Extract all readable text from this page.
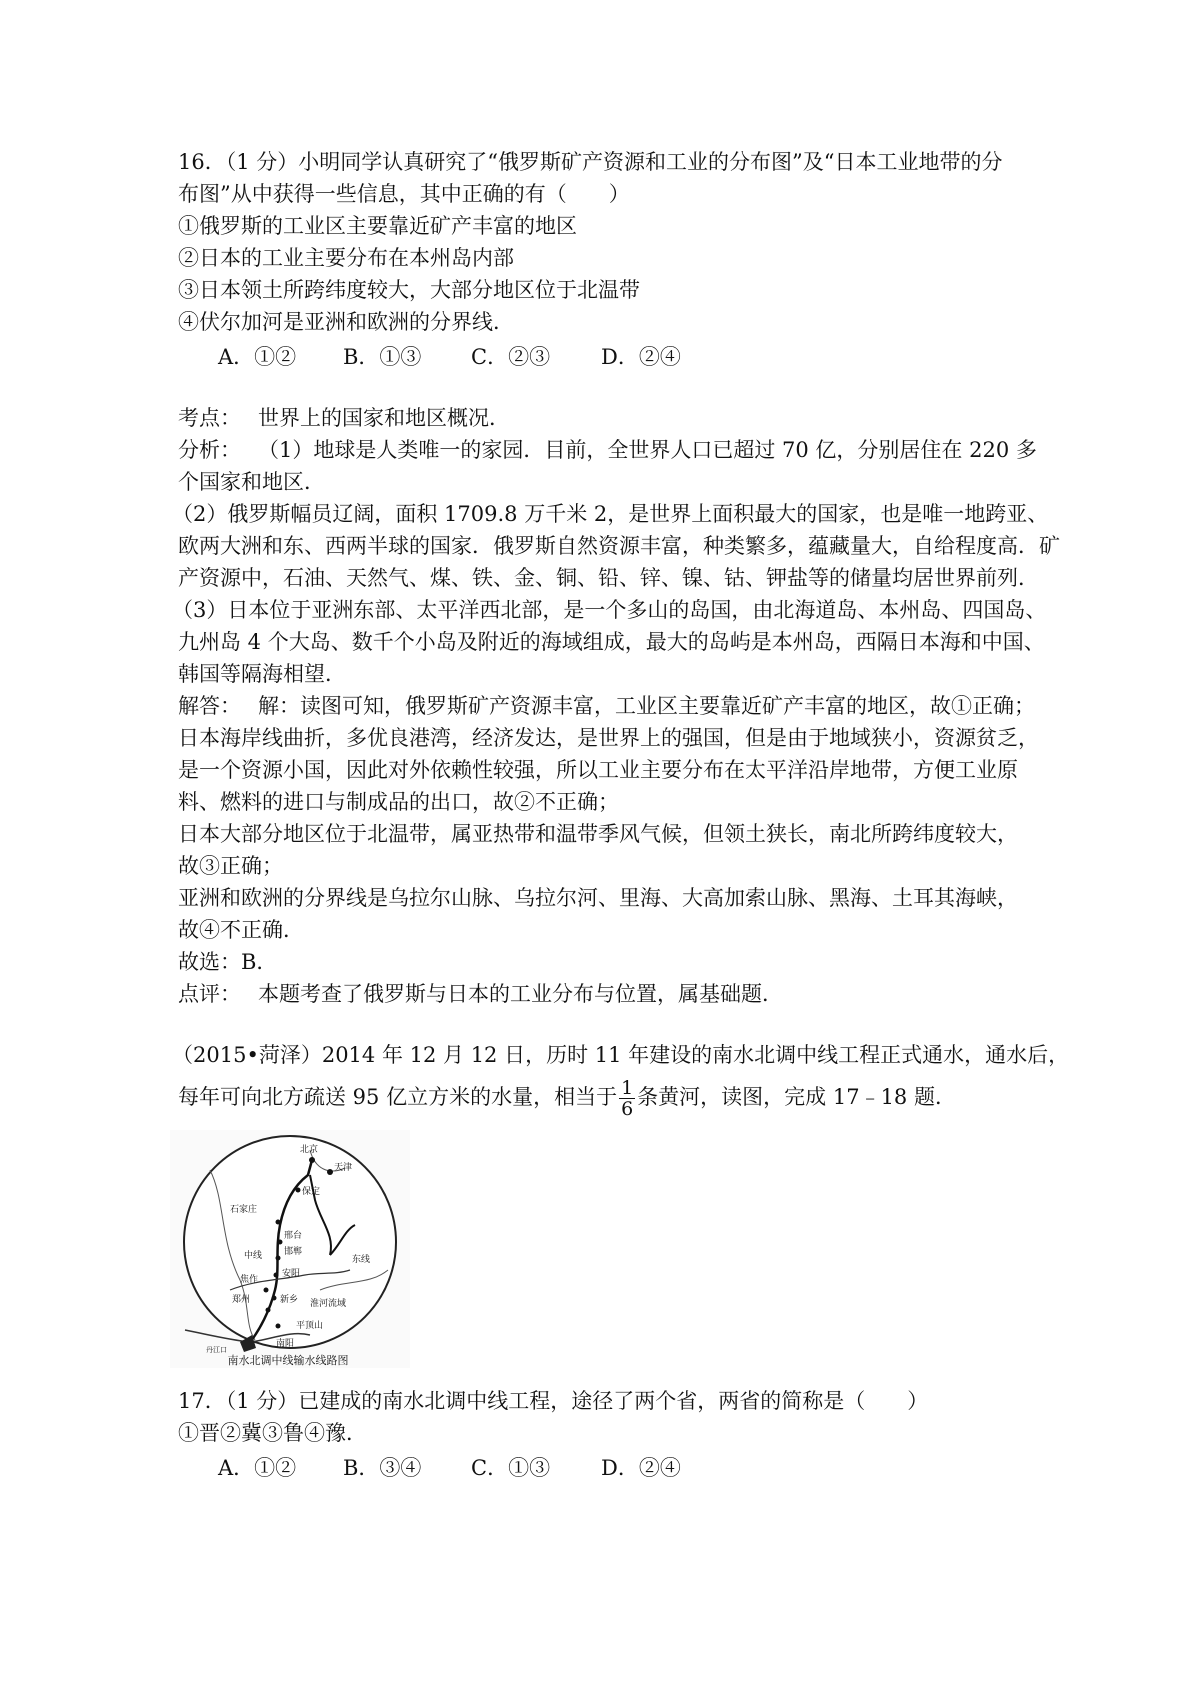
16．（1 分）小明同学认真研究了“俄罗斯矿产资源和工业的分布图”及“日本工业地带的分
布图”从中获得一些信息，其中正确的有（　　）
①俄罗斯的工业区主要靠近矿产丰富的地区
②日本的工业主要分布在本州岛内部
③日本领土所跨纬度较大，大部分地区位于北温带
④伏尔加河是亚洲和欧洲的分界线．
A．①② B．①③ C．②③ D．②④
考点： 世界上的国家和地区概况．
分析： （1）地球是人类唯一的家园．目前，全世界人口已超过 70 亿，分别居住在 220 多
个国家和地区．
（2）俄罗斯幅员辽阔，面积 1709.8 万千米 2，是世界上面积最大的国家，也是唯一地跨亚、
欧两大洲和东、西两半球的国家．俄罗斯自然资源丰富，种类繁多，蕴藏量大，自给程度高．矿
产资源中，石油、天然气、煤、铁、金、铜、铅、锌、镍、钴、钾盐等的储量均居世界前列．
（3）日本位于亚洲东部、太平洋西北部，是一个多山的岛国，由北海道岛、本州岛、四国岛、
九州岛 4 个大岛、数千个小岛及附近的海域组成，最大的岛屿是本州岛，西隔日本海和中国、
韩国等隔海相望．
解答： 解：读图可知，俄罗斯矿产资源丰富，工业区主要靠近矿产丰富的地区，故①正确；
日本海岸线曲折，多优良港湾，经济发达，是世界上的强国，但是由于地域狭小，资源贫乏，
是一个资源小国，因此对外依赖性较强，所以工业主要分布在太平洋沿岸地带，方便工业原
料、燃料的进口与制成品的出口，故②不正确；
日本大部分地区位于北温带，属亚热带和温带季风气候，但领土狭长，南北所跨纬度较大，
故③正确；
亚洲和欧洲的分界线是乌拉尔山脉、乌拉尔河、里海、大高加索山脉、黑海、土耳其海峡，
故④不正确．
故选：B．
点评： 本题考查了俄罗斯与日本的工业分布与位置，属基础题．
（2015•菏泽）2014 年 12 月 12 日，历时 11 年建设的南水北调中线工程正式通水，通水后，
每年可向北方疏送 95 亿立方米的水量，相当于 $\frac{1}{6}$ 条黄河，读图，完成 17﹣18 题．
北京
天津
保定
石家庄
邢台
邯郸
中线	东线
安阳
焦作
新乡
郑州	淮河流域
平顶山
南阳
丹江口
南水北调中线输水线路图
17．（1 分）已建成的南水北调中线工程，途径了两个省，两省的简称是（　　）
①晋②冀③鲁④豫．
A．①② B．③④ C．①③ D．②④
